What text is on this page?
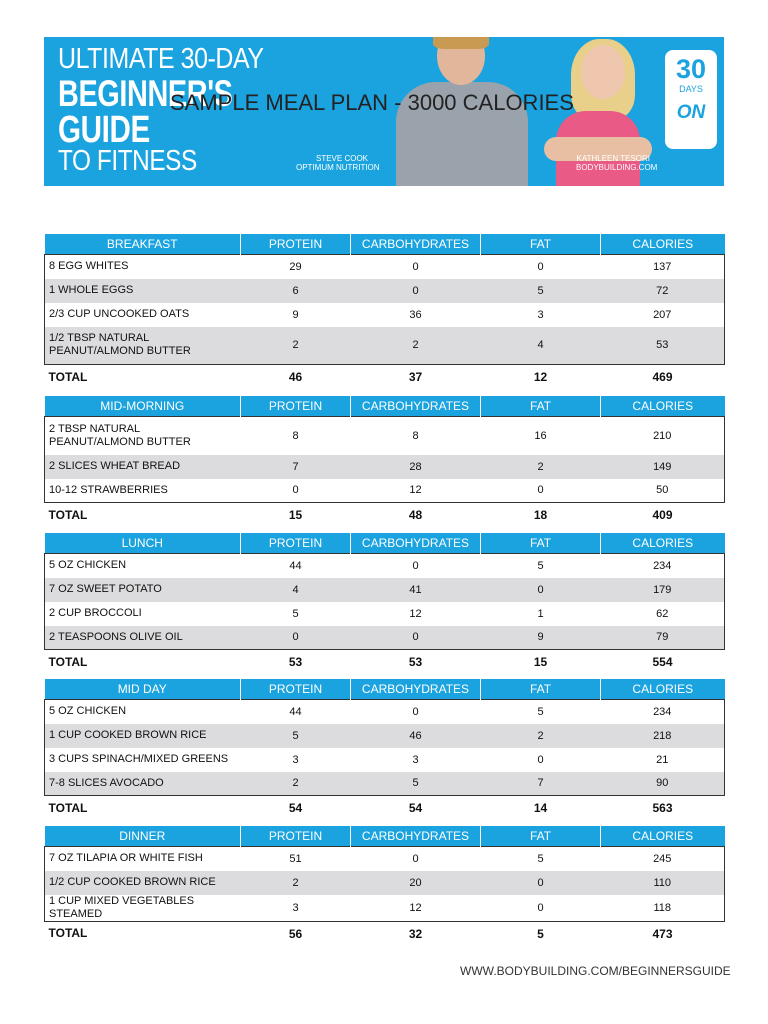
ULTIMATE 30-DAY
BEGINNER'S
GUIDE
TO FITNESS	STEVE COOK
OPTIMUM NUTRITION
KATHLEEN TESORI
BODYBUILDING.COM
30
DAYS
ON
SAMPLE MEAL PLAN - 3000 CALORIES
BREAKFAST	PROTEIN	CARBOHYDRATES	FAT	CALORIES
8 EGG WHITES	29	0	0	137
1 WHOLE EGGS	6	0	5	72
2/3 CUP UNCOOKED OATS	9	36	3	207
1/2 TBSP NATURAL PEANUT/ALMOND BUTTER	2	2	4	53
TOTAL	46	37	12	469
MID-MORNING	PROTEIN	CARBOHYDRATES	FAT	CALORIES
2 TBSP NATURAL PEANUT/ALMOND BUTTER	8	8	16	210
2 SLICES WHEAT BREAD	7	28	2	149
10-12 STRAWBERRIES	0	12	0	50
TOTAL	15	48	18	409
LUNCH	PROTEIN	CARBOHYDRATES	FAT	CALORIES
5 OZ CHICKEN	44	0	5	234
7 OZ SWEET POTATO	4	41	0	179
2 CUP BROCCOLI	5	12	1	62
2 TEASPOONS OLIVE OIL	0	0	9	79
TOTAL	53	53	15	554
MID DAY	PROTEIN	CARBOHYDRATES	FAT	CALORIES
5 OZ CHICKEN	44	0	5	234
1 CUP COOKED BROWN RICE	5	46	2	218
3 CUPS SPINACH/MIXED GREENS	3	3	0	21
7-8 SLICES AVOCADO	2	5	7	90
TOTAL	54	54	14	563
DINNER	PROTEIN	CARBOHYDRATES	FAT	CALORIES
7 OZ TILAPIA OR WHITE FISH	51	0	5	245
1/2 CUP COOKED BROWN RICE	2	20	0	110
1 CUP MIXED VEGETABLES STEAMED	3	12	0	118
TOTAL	56	32	5	473
WWW.BODYBUILDING.COM/BEGINNERSGUIDE
